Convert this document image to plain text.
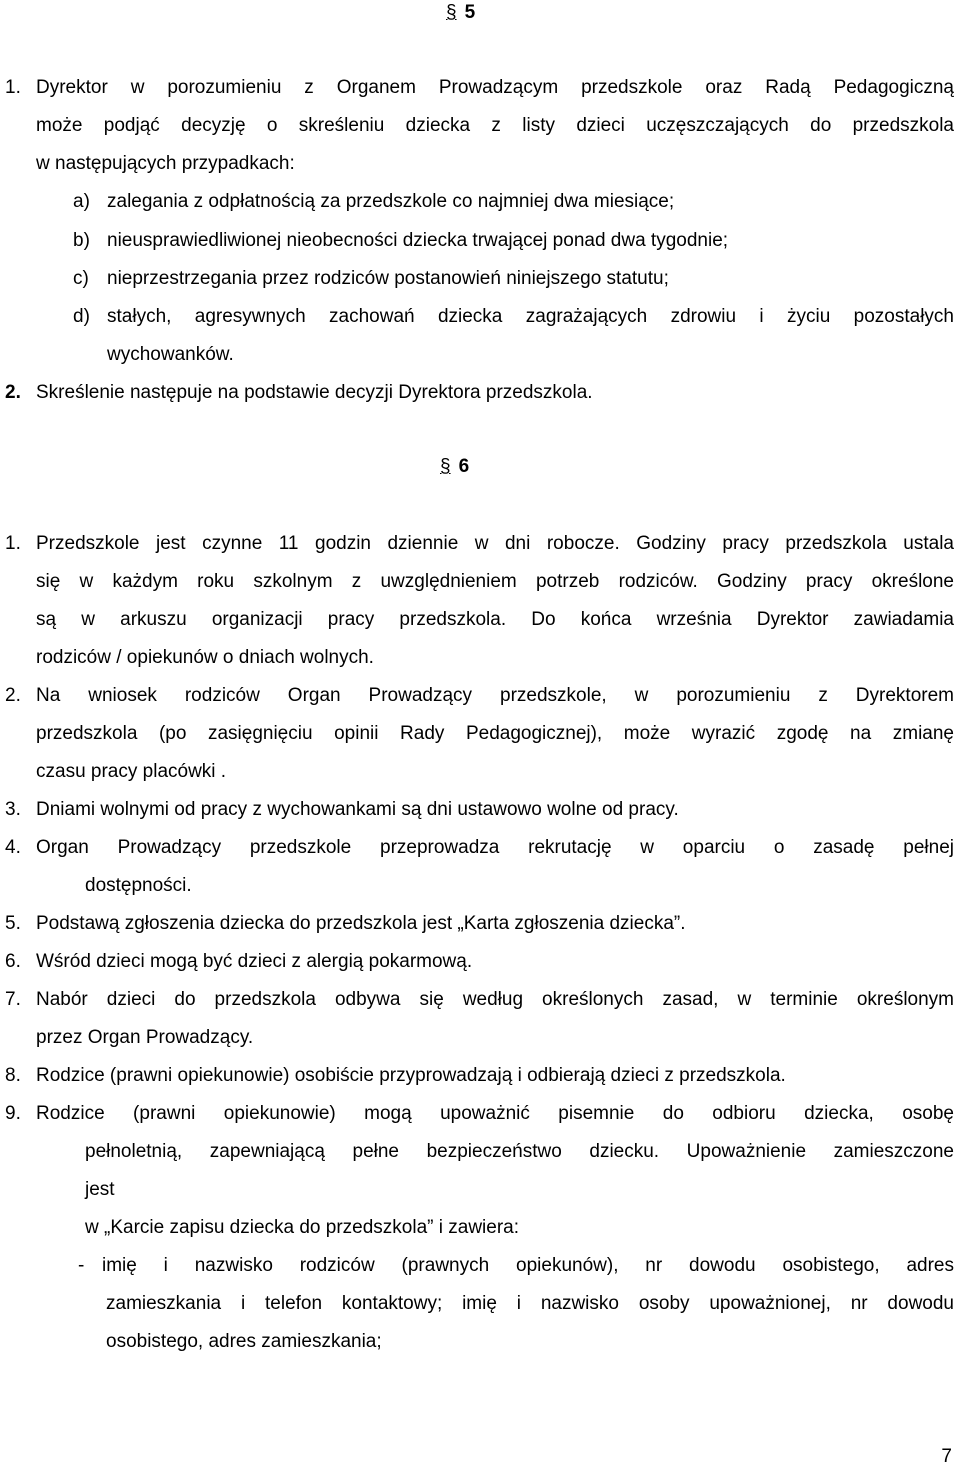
§ 5
1. Dyrektor w porozumieniu z Organem Prowadzącym przedszkole oraz Radą Pedagogiczną
może podjąć decyzję o skreśleniu dziecka z listy dzieci uczęszczających do przedszkola
w następujących przypadkach:
a) zalegania z odpłatnością za przedszkole co najmniej dwa miesiące;
b) nieusprawiedliwionej nieobecności dziecka trwającej ponad dwa tygodnie;
c) nieprzestrzegania przez rodziców postanowień niniejszego statutu;
d) stałych, agresywnych zachowań dziecka zagrażających zdrowiu i życiu pozostałych
wychowanków.
2. Skreślenie następuje na podstawie decyzji Dyrektora przedszkola.
§ 6
1. Przedszkole jest czynne 11 godzin dziennie w dni robocze. Godziny pracy przedszkola ustala
się w każdym roku szkolnym z uwzględnieniem potrzeb rodziców. Godziny pracy określone
są w arkuszu organizacji pracy przedszkola. Do końca września Dyrektor zawiadamia
rodziców / opiekunów o dniach wolnych.
2. Na wniosek rodziców Organ Prowadzący przedszkole, w porozumieniu z Dyrektorem
przedszkola (po zasięgnięciu opinii Rady Pedagogicznej), może wyrazić zgodę na zmianę
czasu pracy placówki .
3. Dniami wolnymi od pracy z wychowankami są dni ustawowo wolne od pracy.
4. Organ Prowadzący przedszkole przeprowadza rekrutację w oparciu o zasadę pełnej
dostępności.
5. Podstawą zgłoszenia dziecka do przedszkola jest „Karta zgłoszenia dziecka”.
6. Wśród dzieci mogą być dzieci z alergią pokarmową.
7. Nabór dzieci do przedszkola odbywa się według określonych zasad, w terminie określonym
przez Organ Prowadzący.
8. Rodzice (prawni opiekunowie) osobiście przyprowadzają i odbierają dzieci z przedszkola.
9. Rodzice (prawni opiekunowie) mogą upoważnić pisemnie do odbioru dziecka, osobę
pełnoletnią, zapewniającą pełne bezpieczeństwo dziecku. Upoważnienie zamieszczone
jest
w „Karcie zapisu dziecka do przedszkola” i zawiera:
- imię i nazwisko rodziców (prawnych opiekunów), nr dowodu osobistego, adres
zamieszkania i telefon kontaktowy; imię i nazwisko osoby upoważnionej, nr dowodu
osobistego, adres zamieszkania;
7
